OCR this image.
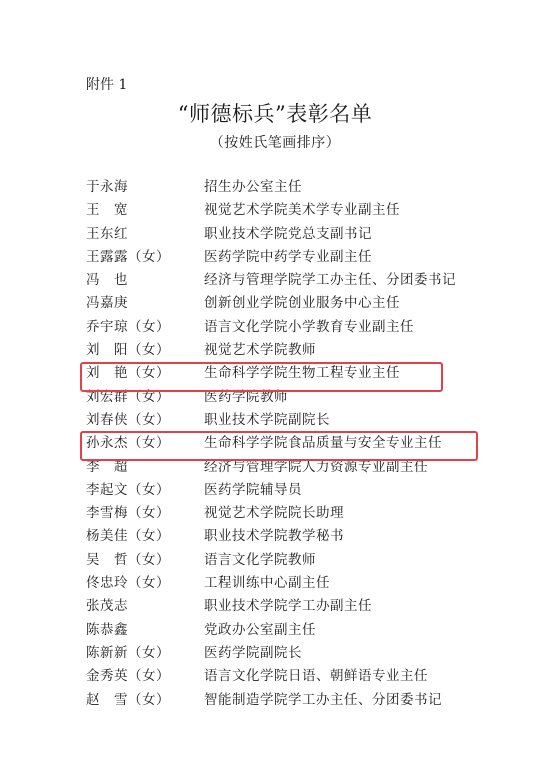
附件 1
“师德标兵”表彰名单
（按姓氏笔画排序）
于永海	招生办公室主任
王　宽	视觉艺术学院美术学专业副主任
王东红	职业技术学院党总支副书记
王露露（女）	医药学院中药学专业副主任
冯　也	经济与管理学院学工办主任、分团委书记
冯嘉庚	创新创业学院创业服务中心主任
乔宇琼（女）	语言文化学院小学教育专业副主任
刘　阳（女）	视觉艺术学院教师
刘　艳（女）	生命科学学院生物工程专业主任
刘宏群（女）	医药学院教师
刘春侠（女）	职业技术学院副院长
孙永杰（女）	生命科学学院食品质量与安全专业主任
李　超	经济与管理学院人力资源专业副主任
李起文（女）	医药学院辅导员
李雪梅（女）	视觉艺术学院院长助理
杨美佳（女）	职业技术学院教学秘书
吴　哲（女）	语言文化学院教师
佟忠玲（女）	工程训练中心副主任
张茂志	职业技术学院学工办副主任
陈恭鑫	党政办公室副主任
陈新新（女）	医药学院副院长
金秀英（女）	语言文化学院日语、朝鲜语专业主任
赵　雪（女）	智能制造学院学工办主任、分团委书记
